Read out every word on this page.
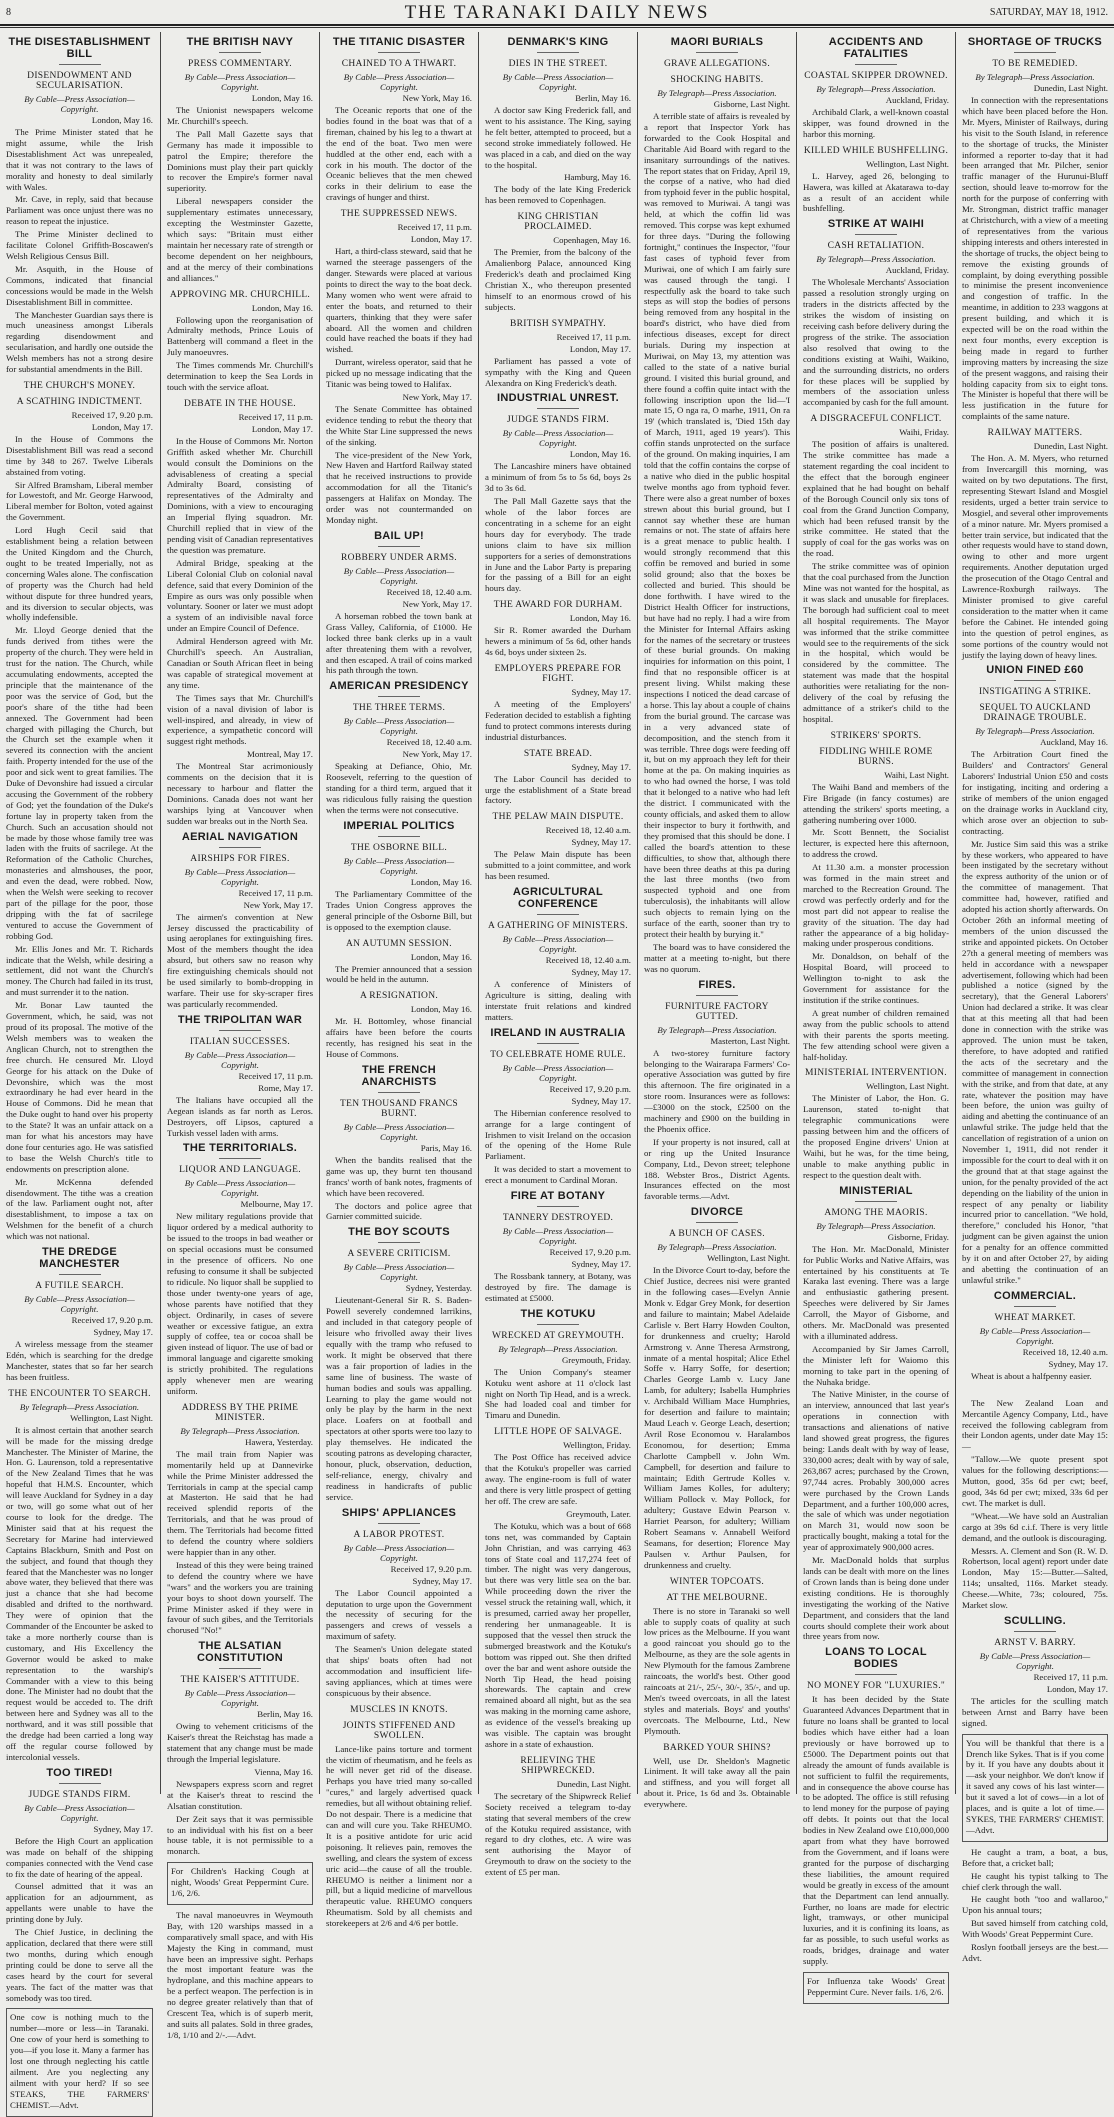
8	THE TARANAKI DAILY NEWS	SATURDAY, MAY 18, 1912.
THE DISESTABLISHMENT BILL
DISENDOWMENT AND SECULARISATION.
By Cable—Press Association—Copyright.
London, May 16.

The Prime Minister stated that he might assume, while the Irish Disestablishment Act was unrepealed, that it was not contrary to the laws of morality and honesty to deal similarly with Wales.

Mr. Cave, in reply, said that because Parliament was once unjust there was no reason to repeat the injustice.

The Prime Minister declined to facilitate Colonel Griffith-Boscawen's Welsh Religious Census Bill.

Mr. Asquith, in the House of Commons, indicated that financial concessions would be made in the Welsh Disestablishment Bill in committee.

The Manchester Guardian says there is much uneasiness amongst Liberals regarding disendowment and secularisation, and hardly one outside the Welsh members has not a strong desire for substantial amendments in the Bill.

THE CHURCH'S MONEY.
A SCATHING INDICTMENT.
Received 17, 9.20 p.m.
London, May 17.

In the House of Commons the Disestablishment Bill was read a second time by 348 to 267. Twelve Liberals abstained from voting.

Sir Alfred Bramsham, Liberal member for Lowestoft, and Mr. George Harwood, Liberal member for Bolton, voted against the Government.

Lord Hugh Cecil said that establishment being a relation between the United Kingdom and the Church, ought to be treated Imperially, not as concerning Wales alone. The confiscation of property was the Church had held without dispute for three hundred years, and its diversion to secular objects, was wholly indefensible.

Mr. Lloyd George denied that the funds derived from tithes were the property of the church. They were held in trust for the nation. The Church, while accumulating endowments, accepted the principle that the maintenance of the poor was the service of God, but the poor's share of the tithe had been annexed. The Government had been charged with pillaging the Church, but the Church set the example when it severed its connection with the ancient faith. Property intended for the use of the poor and sick went to great families. The Duke of Devonshire had issued a circular accusing the Government of the robbery of God; yet the foundation of the Duke's fortune lay in property taken from the Church. Such an accusation should not be made by those whose family tree was laden with the fruits of sacrilege. At the Reformation of the Catholic Churches, monasteries and almshouses, the poor, and even the dead, were robbed. Now, when the Welsh were seeking to recover part of the pillage for the poor, those dripping with the fat of sacrilege ventured to accuse the Government of robbing God.

Mr. Ellis Jones and Mr. T. Richards indicate that the Welsh, while desiring a settlement, did not want the Church's money. The Church had failed in its trust, and must surrender it to the nation.

Mr. Bonar Law taunted the Government, which, he said, was not proud of its proposal. The motive of the Welsh members was to weaken the Anglican Church, not to strengthen the free church. He censured Mr. Lloyd George for his attack on the Duke of Devonshire, which was the most extraordinary he had ever heard in the House of Commons. Did he mean that the Duke ought to hand over his property to the State? It was an unfair attack on a man for what his ancestors may have done four centuries ago. He was satisfied to base the Welsh Church's title to endowments on prescription alone.

Mr. McKenna defended disendowment. The tithe was a creation of the law. Parliament ought not, after disestablishment, to impose a tax on Welshmen for the benefit of a church which was not national.

THE DREDGE MANCHESTER
A FUTILE SEARCH.
By Cable—Press Association—Copyright.
Received 17, 9.20 p.m.
Sydney, May 17.

A wireless message from the steamer Edén, which is searching for the dredge Manchester, states that so far her search has been fruitless.

THE ENCOUNTER TO SEARCH.
By Telegraph—Press Association.
Wellington, Last Night.

It is almost certain that another search will be made for the missing dredge Manchester. The Minister of Marine, the Hon. G. Laurenson, told a representative of the New Zealand Times that he was hopeful that H.M.S. Encounter, which will leave Auckland for Sydney in a day or two, will go some what out of her course to look for the dredge. The Minister said that at his request the Secretary for Marine had interviewed Captains Blackburn, Smith and Post on the subject, and found that though they feared that the Manchester was no longer above water, they believed that there was just a chance that she had become disabled and drifted to the northward. They were of opinion that the Commander of the Encounter be asked to take a more northerly course than is customary, and His Excellency the Governor would be asked to make representation to the warship's Commander with a view to this being done. The Minister had no doubt that the request would be acceded to. The drift between here and Sydney was all to the northward, and it was still possible that the dredge had been carried a long way off the regular course followed by intercolonial vessels.

TOO TIRED!
JUDGE STANDS FIRM.
By Cable—Press Association—Copyright.
Sydney, May 17.

Before the High Court an application was made on behalf of the shipping companies connected with the Vend case to fix the date of hearing of the appeal.

Counsel admitted that it was an application for an adjournment, as appellants were unable to have the printing done by July.

The Chief Justice, in declining the application, declared that there were still two months, during which enough printing could be done to serve all the cases heard by the court for several years. The fact of the matter was that somebody was too tired.

One cow is nothing much to the number—more or less—in Taranaki. One cow of your herd is something to you—if you lose it. Many a farmer has lost one through neglecting his cattle ailment. Are you neglecting any ailment with your herd? If so see STEAKS, THE FARMERS' CHEMIST.—Advt.

THE BRITISH NAVY
PRESS COMMENTARY.
By Cable—Press Association—Copyright.
London, May 16.

The Unionist newspapers welcome Mr. Churchill's speech.

The Pall Mall Gazette says that Germany has made it impossible to patrol the Empire; therefore the Dominions must play their part quickly to recover the Empire's former naval superiority.

Liberal newspapers consider the supplementary estimates unnecessary, excepting the Westminster Gazette, which says: "Britain must either maintain her necessary rate of strength or become dependent on her neighbours, and at the mercy of their combinations and alliances."

APPROVING MR. CHURCHILL.
London, May 16.

Following upon the reorganisation of Admiralty methods, Prince Louis of Battenberg will command a fleet in the July manoeuvres.

The Times commends Mr. Churchill's determination to keep the Sea Lords in touch with the service afloat.

DEBATE IN THE HOUSE.
Received 17, 11 p.m.
London, May 17.

In the House of Commons Mr. Norton Griffith asked whether Mr. Churchill would consult the Dominions on the advisableness of creating a special Admiralty Board, consisting of representatives of the Admiralty and Dominions, with a view to encouraging an Imperial flying squadron. Mr. Churchill replied that in view of the pending visit of Canadian representatives the question was premature.

Admiral Bridge, speaking at the Liberal Colonial Club on colonial naval defence, said that every Dominion of the Empire as ours was only possible when voluntary. Sooner or later we must adopt a system of an indivisible naval force under an Empire Council of Defence.

Admiral Henderson agreed with Mr. Churchill's speech. An Australian, Canadian or South African fleet in being was capable of strategical movement at any time.

The Times says that Mr. Churchill's vision of a naval division of labor is well-inspired, and already, in view of experience, a sympathetic concord will suggest right methods.

Montreal, May 17.

The Montreal Star acrimoniously comments on the decision that it is necessary to harbour and flatter the Dominions. Canada does not want her warships lying at Vancouver when sudden war breaks out in the North Sea.

AERIAL NAVIGATION
AIRSHIPS FOR FIRES.
By Cable—Press Association—Copyright.
Received 17, 11 p.m.
New York, May 17.

The airmen's convention at New Jersey discussed the practicability of using aeroplanes for extinguishing fires. Most of the members thought the idea absurd, but others saw no reason why fire extinguishing chemicals should not be used similarly to bomb-dropping in warfare. Their use for sky-scraper fires was particularly recommended.

THE TRIPOLITAN WAR
ITALIAN SUCCESSES.
By Cable—Press Association—Copyright.
Received 17, 11 p.m.
Rome, May 17.

The Italians have occupied all the Aegean islands as far north as Leros. Destroyers, off Lipsos, captured a Turkish vessel laden with arms.

THE TERRITORIALS.
LIQUOR AND LANGUAGE.
By Cable—Press Association—Copyright.
Melbourne, May 17.

New military regulations provide that liquor ordered by a medical authority to be issued to the troops in bad weather or on special occasions must be consumed in the presence of officers. No one refusing to consume it shall be subjected to ridicule. No liquor shall be supplied to those under twenty-one years of age, whose parents have notified that they object. Ordinarily, in cases of severe weather or excessive fatigue, an extra supply of coffee, tea or cocoa shall be given instead of liquor. The use of bad or immoral language and cigarette smoking is strictly prohibited. The regulations apply whenever men are wearing uniform.

ADDRESS BY THE PRIME MINISTER.
By Telegraph—Press Association.
Hawera, Yesterday.

The mail train from Napier was momentarily held up at Dannevirke while the Prime Minister addressed the Territorials in camp at the special camp at Masterton. He said that he had received splendid reports of the Territorials, and that he was proud of them. The Territorials had become fitted to defend the country where soldiers were happier than in any other.

Instead of this they were being trained to defend the country where we have "wars" and the workers you are training your boys to shoot down yourself. The Prime Minister asked if they were in favour of such gibes, and the Territorials chorused "No!"

THE ALSATIAN CONSTITUTION
THE KAISER'S ATTITUDE.
By Cable—Press Association—Copyright.
Berlin, May 16.

Owing to vehement criticisms of the Kaiser's threat the Reichstag has made a statement that any change must be made through the Imperial legislature.

Vienna, May 16.

Newspapers express scorn and regret at the Kaiser's threat to rescind the Alsatian constitution.

Der Zeit says that it was permissible to an individual with his fist on a beer house table, it is not permissible to a monarch.

For Children's Hacking Cough at night, Woods' Great Peppermint Cure. 1/6, 2/6.

The naval manoeuvres in Weymouth Bay, with 120 warships massed in a comparatively small space, and with His Majesty the King in command, must have been an impressive sight. Perhaps the most important feature was the hydroplane, and this machine appears to be a perfect weapon. The perfection is in no degree greater relatively than that of Crescent Tea, which is of superb merit, and suits all palates. Sold in three grades, 1/8, 1/10 and 2/-.—Advt.

THE TITANIC DISASTER
CHAINED TO A THWART.
By Cable—Press Association—Copyright.
New York, May 16.

The Oceanic reports that one of the bodies found in the boat was that of a fireman, chained by his leg to a thwart at the end of the boat. Two men were huddled at the other end, each with a cork in his mouth. The doctor of the Oceanic believes that the men chewed corks in their delirium to ease the cravings of hunger and thirst.

THE SUPPRESSED NEWS.
Received 17, 11 p.m.
London, May 17.

Hart, a third-class steward, said that he warned the steerage passengers of the danger. Stewards were placed at various points to direct the way to the boat deck. Many women who went were afraid to enter the boats, and returned to their quarters, thinking that they were safer aboard. All the women and children could have reached the boats if they had wished.

Durrant, wireless operator, said that he picked up no message indicating that the Titanic was being towed to Halifax.

New York, May 17.

The Senate Committee has obtained evidence tending to rebut the theory that the White Star Line suppressed the news of the sinking.

The vice-president of the New York, New Haven and Hartford Railway stated that he received instructions to provide accommodation for all the Titanic's passengers at Halifax on Monday. The order was not countermanded on Monday night.

BAIL UP!
ROBBERY UNDER ARMS.
By Cable—Press Association—Copyright.
Received 18, 12.40 a.m.
New York, May 17.

A horseman robbed the town bank at Grass Valley, California, of £1000. He locked three bank clerks up in a vault after threatening them with a revolver, and then escaped. A trail of coins marked his path through the town.

AMERICAN PRESIDENCY
THE THREE TERMS.
By Cable—Press Association—Copyright.
Received 18, 12.40 a.m.
New York, May 17.

Speaking at Defiance, Ohio, Mr. Roosevelt, referring to the question of standing for a third term, argued that it was ridiculous fully raising the question when the terms were not consecutive.

IMPERIAL POLITICS
THE OSBORNE BILL.
By Cable—Press Association—Copyright.
London, May 16.

The Parliamentary Committee of the Trades Union Congress approves the general principle of the Osborne Bill, but is opposed to the exemption clause.

AN AUTUMN SESSION.
London, May 16.

The Premier announced that a session would be held in the autumn.

A RESIGNATION.
London, May 16.

Mr. H. Bottomley, whose financial affairs have been before the courts recently, has resigned his seat in the House of Commons.

THE FRENCH ANARCHISTS
TEN THOUSAND FRANCS BURNT.
By Cable—Press Association—Copyright.
Paris, May 16.

When the bandits realised that the game was up, they burnt ten thousand francs' worth of bank notes, fragments of which have been recovered.

The doctors and police agree that Garnier committed suicide.

THE BOY SCOUTS
A SEVERE CRITICISM.
By Cable—Press Association—Copyright.
Sydney, Yesterday.

Lieutenant-General Sir R. S. Baden-Powell severely condemned larrikins, and included in that category people of leisure who frivolled away their lives equally with the tramp who refused to work. It might be observed that there was a fair proportion of ladies in the same line of business. The waste of human bodies and souls was appalling. Learning to play the game would not only be play by the harm in the next place. Loafers on at football and spectators at other sports were too lazy to play themselves. He indicated the scouting patrons as developing character, honour, pluck, observation, deduction, self-reliance, energy, chivalry and readiness in handicrafts of public service.

SHIPS' APPLIANCES
A LABOR PROTEST.
By Cable—Press Association—Copyright.
Received 17, 9.20 p.m.
Sydney, May 17.

The Labor Council appointed a deputation to urge upon the Government the necessity of securing for the passengers and crews of vessels a maximum of safety.

The Seamen's Union delegate stated that ships' boats often had not accommodation and insufficient life-saving appliances, which at times were conspicuous by their absence.

MUSCLES IN KNOTS.
JOINTS STIFFENED AND SWOLLEN.

Lance-like pains torture and torment the victim of rheumatism, and he feels as he will never get rid of the disease. Perhaps you have tried many so-called "cures," and largely advertised quack remedies, but all without obtaining relief. Do not despair. There is a medicine that can and will cure you. Take RHEUMO. It is a positive antidote for uric acid poisoning. It relieves pain, removes the swelling, and clears the system of excess uric acid—the cause of all the trouble. RHEUMO is neither a liniment nor a pill, but a liquid medicine of marvellous therapeutic value. RHEUMO conquers Rheumatism. Sold by all chemists and storekeepers at 2/6 and 4/6 per bottle.

DENMARK'S KING
DIES IN THE STREET.
By Cable—Press Association—Copyright.
Berlin, May 16.

A doctor saw King Frederick fall, and went to his assistance. The King, saying he felt better, attempted to proceed, but a second stroke immediately followed. He was placed in a cab, and died on the way to the hospital.

Hamburg, May 16.

The body of the late King Frederick has been removed to Copenhagen.

KING CHRISTIAN PROCLAIMED.
Copenhagen, May 16.

The Premier, from the balcony of the Amalienborg Palace, announced King Frederick's death and proclaimed King Christian X., who thereupon presented himself to an enormous crowd of his subjects.

BRITISH SYMPATHY.
Received 17, 11 p.m.
London, May 17.

Parliament has passed a vote of sympathy with the King and Queen Alexandra on King Frederick's death.

INDUSTRIAL UNREST.
JUDGE STANDS FIRM.
By Cable—Press Association—Copyright.
London, May 16.

The Lancashire miners have obtained a minimum of from 5s to 5s 6d, boys 2s 3d to 3s 6d.

The Pall Mall Gazette says that the whole of the labor forces are concentrating in a scheme for an eight hours day for everybody. The trade unions claim to have six million supporters for a series of demonstrations in June and the Labor Party is preparing for the passing of a Bill for an eight hours day.

THE AWARD FOR DURHAM.
London, May 16.

Sir R. Romer awarded the Durham hewers a minimum of 5s 6d, other hands 4s 6d, boys under sixteen 2s.

EMPLOYERS PREPARE FOR FIGHT.
Sydney, May 17.

A meeting of the Employers' Federation decided to establish a fighting fund to protect commons interests during industrial disturbances.

STATE BREAD.
Sydney, May 17.

The Labor Council has decided to urge the establishment of a State bread factory.

THE PELAW MAIN DISPUTE.
Received 18, 12.40 a.m.
Sydney, May 17.

The Pelaw Main dispute has been submitted to a joint committee, and work has been resumed.

AGRICULTURAL CONFERENCE
A GATHERING OF MINISTERS.
By Cable—Press Association—Copyright.
Received 18, 12.40 a.m.
Sydney, May 17.

A conference of Ministers of Agriculture is sitting, dealing with interstate fruit relations and kindred matters.

IRELAND IN AUSTRALIA
TO CELEBRATE HOME RULE.
By Cable—Press Association—Copyright.
Received 17, 9.20 p.m.
Sydney, May 17.

The Hibernian conference resolved to arrange for a large contingent of Irishmen to visit Ireland on the occasion of the opening of the Home Rule Parliament.

It was decided to start a movement to erect a monument to Cardinal Moran.

FIRE AT BOTANY
TANNERY DESTROYED.
By Cable—Press Association—Copyright.
Received 17, 9.20 p.m.
Sydney, May 17.

The Rossbank tannery, at Botany, was destroyed by fire. The damage is estimated at £5000.

THE KOTUKU
WRECKED AT GREYMOUTH.
By Telegraph—Press Association.
Greymouth, Friday.

The Union Company's steamer Kotuku went ashore at 11 o'clock last night on North Tip Head, and is a wreck. She had loaded coal and timber for Timaru and Dunedin.

LITTLE HOPE OF SALVAGE.
Wellington, Friday.

The Post Office has received advice that the Kotuku's propeller was carried away. The engine-room is full of water and there is very little prospect of getting her off. The crew are safe.

Greymouth, Later.

The Kotuku, which was a bout of 668 tons net, was commanded by Captain John Christian, and was carrying 463 tons of State coal and 117,274 feet of timber. The night was very dangerous, but there was very little sea on the bar. While proceeding down the river the vessel struck the retaining wall, which, it is presumed, carried away her propeller, rendering her unmanageable. It is supposed that the vessel then struck the submerged breastwork and the Kotuku's bottom was ripped out. She then drifted over the bar and went ashore outside the North Tip Head, the head poising shorewards. The captain and crew remained aboard all night, but as the sea was making in the morning came ashore, as evidence of the vessel's breaking up was visible. The captain was brought ashore in a state of exhaustion.

RELIEVING THE SHIPWRECKED.
Dunedin, Last Night.

The secretary of the Shipwreck Relief Society received a telegram to-day stating that several members of the crew of the Kotuku required assistance, with regard to dry clothes, etc. A wire was sent authorising the Mayor of Greymouth to draw on the society to the extent of £5 per man.

MAORI BURIALS
GRAVE ALLEGATIONS.
SHOCKING HABITS.
By Telegraph—Press Association.
Gisborne, Last Night.

A terrible state of affairs is revealed by a report that Inspector York has forwarded to the Cook Hospital and Charitable Aid Board with regard to the insanitary surroundings of the natives. The report states that on Friday, April 19, the corpse of a native, who had died from typhoid fever in the public hospital, was removed to Muriwai. A tangi was held, at which the coffin lid was removed. This corpse was kept exhumed for three days. "During the following fortnight," continues the Inspector, "four fast cases of typhoid fever from Muriwai, one of which I am fairly sure was caused through the tangi. I respectfully ask the board to take such steps as will stop the bodies of persons being removed from any hospital in the board's district, who have died from infectious diseases, except for direct burials. During my inspection at Muriwai, on May 13, my attention was called to the state of a native burial ground. I visited this burial ground, and there found a coffin quite intact with the following inscription upon the lid—'I mate 15, O nga ra, O marhe, 1911, On ra 19' (which translated is, 'Died 15th day of March, 1911, aged 19 years'). This coffin stands unprotected on the surface of the ground. On making inquiries, I am told that the coffin contains the corpse of a native who died in the public hospital twelve months ago from typhoid fever. There were also a great number of boxes strewn about this burial ground, but I cannot say whether these are human remains or not. The state of affairs here is a great menace to public health. I would strongly recommend that this coffin be removed and buried in some solid ground; also that the boxes be collected and buried. This should be done forthwith. I have wired to the District Health Officer for instructions, but have had no reply. I had a wire from the Minister for Internal Affairs asking for the names of the secretary or trustees of these burial grounds. On making inquiries for information on this point, I find that no responsible officer is at present living. Whilst making these inspections I noticed the dead carcase of a horse. This lay about a couple of chains from the burial ground. The carcase was in a very advanced state of decomposition, and the stench from it was terrible. Three dogs were feeding off it, but on my approach they left for their home at the pa. On making inquiries as to who had owned the horse, I was told that it belonged to a native who had left the district. I communicated with the county officials, and asked them to allow their inspector to bury it forthwith, and they promised that this should be done. I called the board's attention to these difficulties, to show that, although there have been three deaths at this pa during the last three months (two from suspected typhoid and one from tuberculosis), the inhabitants will allow such objects to remain lying on the surface of the earth, sooner than try to protect their health by burying it."

The board was to have considered the matter at a meeting to-night, but there was no quorum.

FIRES.
FURNITURE FACTORY GUTTED.
By Telegraph—Press Association.
Masterton, Last Night.

A two-storey furniture factory belonging to the Wairarapa Farmers' Co-operative Association was gutted by fire this afternoon. The fire originated in a store room. Insurances were as follows:—£3000 on the stock, £2500 on the machinery and £900 on the building in the Phoenix office.

If your property is not insured, call at or ring up the United Insurance Company, Ltd., Devon street; telephone 188. Webster Bros., District Agents. Insurances effected on the most favorable terms.—Advt.

DIVORCE
A BUNCH OF CASES.
By Telegraph—Press Association.
Wellington, Last Night.

In the Divorce Court to-day, before the Chief Justice, decrees nisi were granted in the following cases—Evelyn Annie Monk v. Edgar Grey Monk, for desertion and failure to maintain; Mabel Adelaide Carlisle v. Bert Harry Howden Coulton, for drunkenness and cruelty; Harold Armstrong v. Anne Theresa Armstrong, inmate of a mental hospital; Alice Ethel Soffe v. Harry Soffe, for desertion; Charles George Lamb v. Lucy Jane Lamb, for adultery; Isabella Humphries v. Archibald William Mace Humphries, for desertion and failure to maintain; Maud Leach v. George Leach, desertion; Avril Rose Economou v. Haralambos Economou, for desertion; Emma Charlotte Campbell v. John Wm. Campbell, for desertion and failure to maintain; Edith Gertrude Kolles v. William James Kolles, for adultery; William Pollock v. May Pollock, for adultery; Gustave Edwin Pearson v. Harriet Pearson, for adultery; William Robert Seamans v. Annabell Weiford Seamans, for desertion; Florence May Paulsen v. Arthur Paulsen, for drunkenness and cruelty.

WINTER TOPCOATS.
AT THE MELBOURNE.

There is no store in Taranaki so well able to supply coats of quality at such low prices as the Melbourne. If you want a good raincoat you should go to the Melbourne, as they are the sole agents in New Plymouth for the famous Zambrene raincoats, the world's best. Other good raincoats at 21/-, 25/-, 30/-, 35/-, and up. Men's tweed overcoats, in all the latest styles and materials. Boys' and youths' overcoats. The Melbourne, Ltd., New Plymouth.

BARKED YOUR SHINS?

Well, use Dr. Sheldon's Magnetic Liniment. It will take away all the pain and stiffness, and you will forget all about it. Price, 1s 6d and 3s. Obtainable everywhere.

ACCIDENTS AND FATALITIES
COASTAL SKIPPER DROWNED.
By Telegraph—Press Association.
Auckland, Friday.

Archibald Clark, a well-known coastal skipper, was found drowned in the harbor this morning.

KILLED WHILE BUSHFELLING.
Wellington, Last Night.

L. Harvey, aged 26, belonging to Hawera, was killed at Akatarawa to-day as a result of an accident while bushfelling.

STRIKE AT WAIHI
CASH RETALIATION.
By Telegraph—Press Association.
Auckland, Friday.

The Wholesale Merchants' Association passed a resolution strongly urging on traders in the districts affected by the strikes the wisdom of insisting on receiving cash before delivery during the progress of the strike. The association also resolved that owing to the conditions existing at Waihi, Waikino, and the surrounding districts, no orders for these places will be supplied by members of the association unless accompanied by cash for the full amount.

A DISGRACEFUL CONFLICT.
Waihi, Friday.

The position of affairs is unaltered. The strike committee has made a statement regarding the coal incident to the effect that the borough engineer explained that he had bought on behalf of the Borough Council only six tons of coal from the Grand Junction Company, which had been refused transit by the strike committee. He stated that the supply of coal for the gas works was on the road.

The strike committee was of opinion that the coal purchased from the Junction Mine was not wanted for the hospital, as it was slack and unusable for fireplaces. The borough had sufficient coal to meet all hospital requirements. The Mayor was informed that the strike committee would see to the requirements of the sick in the hospital, which would be considered by the committee. The statement was made that the hospital authorities were retaliating for the non-delivery of the coal by refusing the admittance of a striker's child to the hospital.

STRIKERS' SPORTS.
FIDDLING WHILE ROME BURNS.
Waihi, Last Night.

The Waihi Band and members of the Fire Brigade (in fancy costumes) are attending the strikers' sports meeting, a gathering numbering over 1000.

Mr. Scott Bennett, the Socialist lecturer, is expected here this afternoon, to address the crowd.

At 11.30 a.m. a monster procession was formed in the main street and marched to the Recreation Ground. The crowd was perfectly orderly and for the most part did not appear to realise the gravity of the situation. The day had rather the appearance of a big holiday-making under prosperous conditions.

Mr. Donaldson, on behalf of the Hospital Board, will proceed to Wellington to-night to ask the Government for assistance for the institution if the strike continues.

A great number of children remained away from the public schools to attend with their parents the sports meeting. The few attending school were given a half-holiday.

MINISTERIAL INTERVENTION.
Wellington, Last Night.

The Minister of Labor, the Hon. G. Laurenson, stated to-night that telegraphic communications were passing between him and the officers of the proposed Engine drivers' Union at Waihi, but he was, for the time being, unable to make anything public in respect to the question dealt with.

MINISTERIAL
AMONG THE MAORIS.
By Telegraph—Press Association.
Gisborne, Friday.

The Hon. Mr. MacDonald, Minister for Public Works and Native Affairs, was entertained by his constituents at Te Karaka last evening. There was a large and enthusiastic gathering present. Speeches were delivered by Sir James Carroll, the Mayor of Gisborne, and others. Mr. MacDonald was presented with a illuminated address.

Accompanied by Sir James Carroll, the Minister left for Waiomo this morning to take part in the opening of the Nuhaka bridge.

The Native Minister, in the course of an interview, announced that last year's operations in connection with transactions and alienations of native land showed great progress, the figures being: Lands dealt with by way of lease, 330,000 acres; dealt with by way of sale, 263,867 acres; purchased by the Crown, 97,744 acres. Probably 300,000 acres were purchased by the Crown Lands Department, and a further 100,000 acres, the sale of which was under negotiation on March 31, would now soon be practically bought, making a total for the year of approximately 900,000 acres.

Mr. MacDonald holds that surplus lands can be dealt with more on the lines of Crown lands than is being done under existing conditions. He is thoroughly investigating the working of the Native Department, and considers that the land courts should complete their work about three years from now.

LOANS TO LOCAL BODIES
NO MONEY FOR "LUXURIES."

It has been decided by the State Guaranteed Advances Department that in future no loans shall be granted to local bodies which have either had a loan previously or have borrowed up to £5000. The Department points out that already the amount of funds available is not sufficient to fulfil the requirements, and in consequence the above course has to be adopted. The office is still refusing to lend money for the purpose of paying off debts. It points out that the local bodies in New Zealand owe £10,000,000 apart from what they have borrowed from the Government, and if loans were granted for the purpose of discharging these liabilities, the amount required would be greatly in excess of the amount that the Department can lend annually. Further, no loans are made for electric light, tramways, or other municipal luxuries, and it is confining its loans, as far as possible, to such useful works as roads, bridges, drainage and water supply.

For Influenza take Woods' Great Peppermint Cure. Never fails. 1/6, 2/6.

SHORTAGE OF TRUCKS
TO BE REMEDIED.
By Telegraph—Press Association.
Dunedin, Last Night.

In connection with the representations which have been placed before the Hon. Mr. Myers, Minister of Railways, during his visit to the South Island, in reference to the shortage of trucks, the Minister informed a reporter to-day that it had been arranged that Mr. Pilcher, senior traffic manager of the Hurunui-Bluff section, should leave to-morrow for the north for the purpose of conferring with Mr. Strongman, district traffic manager at Christchurch, with a view of a meeting of representatives from the various shipping interests and others interested in the shortage of trucks, the object being to remove the existing grounds of complaint, by doing everything possible to minimise the present inconvenience and congestion of traffic. In the meantime, in addition to 233 waggons at present building, and which it is expected will be on the road within the next four months, every exception is being made in regard to further improving matters by increasing the size of the present waggons, and raising their holding capacity from six to eight tons. The Minister is hopeful that there will be less justification in the future for complaints of the same nature.

RAILWAY MATTERS.
Dunedin, Last Night.

The Hon. A. M. Myers, who returned from Invercargill this morning, was waited on by two deputations. The first, representing Stewart Island and Mosgiel residents, urged a better train service to Mosgiel, and several other improvements of a minor nature. Mr. Myers promised a better train service, but indicated that the other requests would have to stand down, owing to other and more urgent requirements. Another deputation urged the prosecution of the Otago Central and Lawrence-Roxburgh railways. The Minister promised to give careful consideration to the matter when it came before the Cabinet. He intended going into the question of petrol engines, as some portions of the country would not justify the laying down of heavy lines.

UNION FINED £60
INSTIGATING A STRIKE.
SEQUEL TO AUCKLAND DRAINAGE TROUBLE.
By Telegraph—Press Association.
Auckland, May 16.

The Arbitration Court fined the Builders' and Contractors' General Laborers' Industrial Union £50 and costs for instigating, inciting and ordering a strike of members of the union engaged on the drainage works in Auckland city, which arose over an objection to sub-contracting.

Mr. Justice Sim said this was a strike by these workers, who appeared to have been instigated by the secretary without the express authority of the union or of the committee of management. That committee had, however, ratified and adopted his action shortly afterwards. On October 26th an informal meeting of members of the union discussed the strike and appointed pickets. On October 27th a general meeting of members was held in accordance with a newspaper advertisement, following which had been published a notice (signed by the secretary), that the General Laborers' Union had declared a strike. It was clear that at this meeting all that had been done in connection with the strike was approved. The union must be taken, therefore, to have adopted and ratified the acts of the secretary and the committee of management in connection with the strike, and from that date, at any rate, whatever the position may have been before, the union was guilty of aiding and abetting the continuance of an unlawful strike. The judge held that the cancellation of registration of a union on November 1, 1911, did not render it impossible for the court to deal with it on the ground that at that stage against the union, for the penalty provided of the act depending on the liability of the union in respect of any penalty or liability incurred prior to cancellation. "We hold, therefore," concluded his Honor, "that judgment can be given against the union for a penalty for an offence committed by it on and after October 27, by aiding and abetting the continuation of an unlawful strike."

COMMERCIAL.
WHEAT MARKET.
By Cable—Press Association—Copyright.
Received 18, 12.40 a.m.
Sydney, May 17.

Wheat is about a halfpenny easier.

The New Zealand Loan and Mercantile Agency Company, Ltd., have received the following cablegram from their London agents, under date May 15:—

"Tallow.—We quote present spot values for the following descriptions:—Mutton, good, 35s 6d per cwt; beef, good, 34s 6d per cwt; mixed, 33s 6d per cwt. The market is dull.

"Wheat.—We have sold an Australian cargo at 39s 6d c.i.f. There is very little demand, and the outlook is discouraging.

Messrs. A. Clement and Son (R. W. D. Robertson, local agent) report under date London, May 15:—Butter.—Salted, 114s; unsalted, 116s. Market steady. Cheese.—White, 73s; coloured, 75s. Market slow.

SCULLING.
ARNST V. BARRY.
By Cable—Press Association—Copyright.
Received 17, 11 p.m.
London, May 17.

The articles for the sculling match between Arnst and Barry have been signed.

You will be thankful that there is a Drench like Sykes. That is if you come by it. If you have any doubts about it—ask your neighbor. We don't know if it saved any cows of his last winter—but it saved a lot of cows—in a lot of places, and is quite a lot of time.—SYKES, THE FARMERS' CHEMIST.—Advt.

He caught a tram, a boat, a bus, Before that, a cricket ball;

He caught his typist talking to The chief clerk through the wall.

He caught both "too and wallaroo," Upon his annual tours;

But saved himself from catching cold, With Woods' Great Peppermint Cure.

Roslyn football jerseys are the best.—Advt.
